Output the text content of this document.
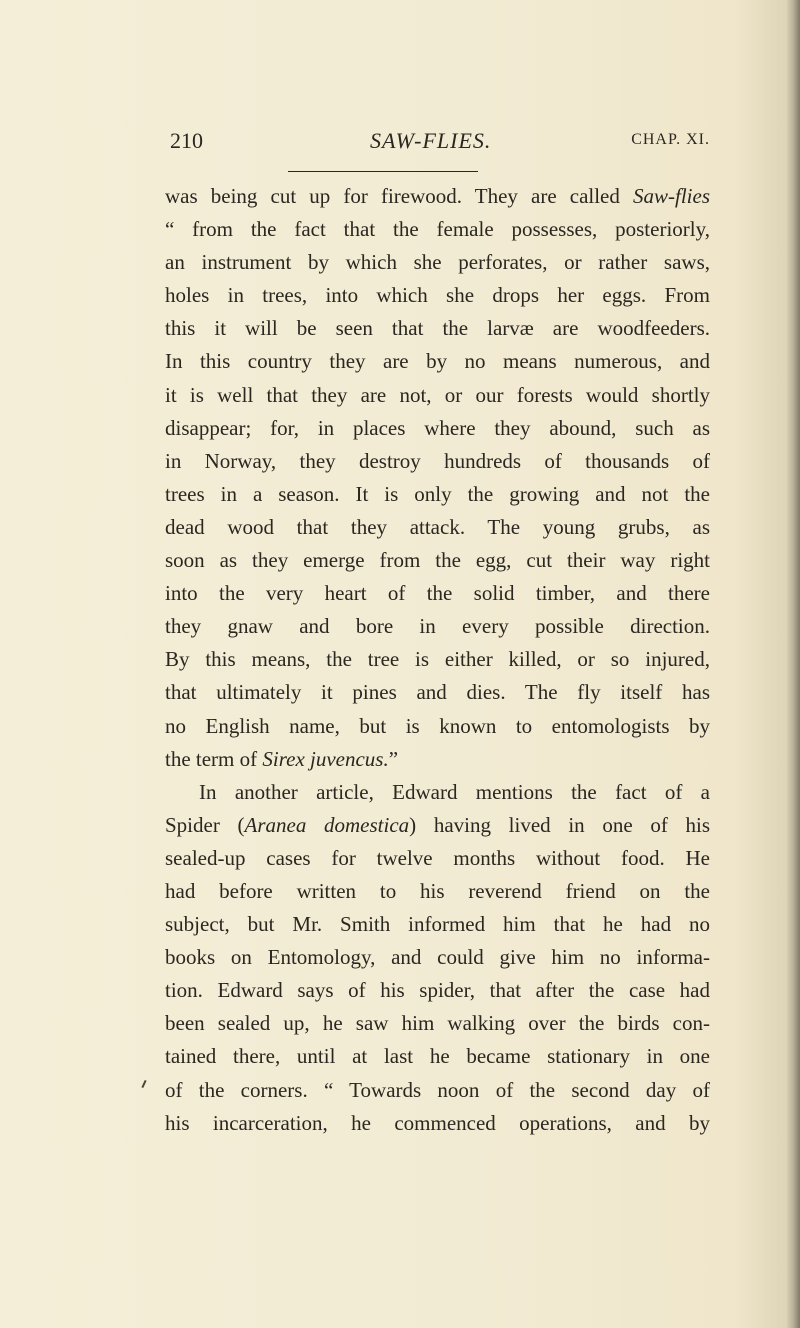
210	SAW-FLIES.	CHAP. XI.
was being cut up for firewood. They are called Saw-flies
“ from the fact that the female possesses, posteriorly,
an instrument by which she perforates, or rather saws,
holes in trees, into which she drops her eggs. From
this it will be seen that the larvæ are woodfeeders.
In this country they are by no means numerous, and
it is well that they are not, or our forests would shortly
disappear; for, in places where they abound, such as
in Norway, they destroy hundreds of thousands of
trees in a season. It is only the growing and not the
dead wood that they attack. The young grubs, as
soon as they emerge from the egg, cut their way right
into the very heart of the solid timber, and there
they gnaw and bore in every possible direction.
By this means, the tree is either killed, or so injured,
that ultimately it pines and dies. The fly itself has
no English name, but is known to entomologists by
the term of Sirex juvencus.”
In another article, Edward mentions the fact of a
Spider (Aranea domestica) having lived in one of his
sealed-up cases for twelve months without food. He
had before written to his reverend friend on the
subject, but Mr. Smith informed him that he had no
books on Entomology, and could give him no informa-
tion. Edward says of his spider, that after the case had
been sealed up, he saw him walking over the birds con-
tained there, until at last he became stationary in one
of the corners. “ Towards noon of the second day of
his incarceration, he commenced operations, and by
